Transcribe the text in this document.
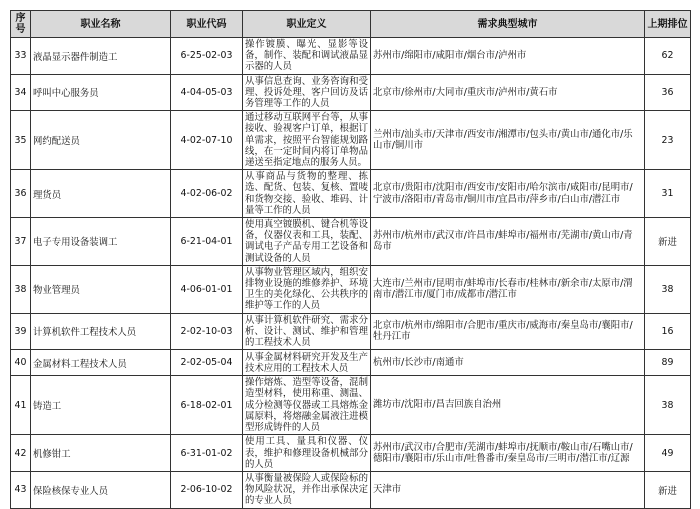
序号	职业名称	职业代码	职业定义	需求典型城市	上期排位
33	液晶显示器件制造工	6-25-02-03	操作镀膜、曝光、显影等设备，制作、装配和调试液晶显示器的人员	苏州市/绵阳市/咸阳市/烟台市/泸州市	62
34	呼叫中心服务员	4-04-05-03	从事信息查询、业务咨询和受理、投诉处理、客户回访及话务管理等工作的人员	北京市/徐州市/大同市/重庆市/泸州市/黄石市	36
35	网约配送员	4-02-07-10	通过移动互联网平台等，从事接收、验视客户订单，根据订单需求，按照平台智能规划路线，在一定时间内将订单物品递送至指定地点的服务人员。	兰州市/汕头市/天津市/西安市/湘潭市/包头市/黄山市/通化市/乐山市/铜川市	23
36	理货员	4-02-06-02	从事商品与货物的整理、拣选、配货、包装、复核、置唛和货物交接、验收、堆码、计量等工作的人员	北京市/贵阳市/沈阳市/西安市/安阳市/哈尔滨市/咸阳市/昆明市/宁波市/洛阳市/青岛市/铜川市/宜昌市/萍乡市/白山市/潜江市	31
37	电子专用设备装调工	6-21-04-01	使用真空镀膜机、键合机等设备，仪器仪表和工具，装配、调试电子产品专用工艺设备和测试设备的人员	苏州市/杭州市/武汉市/许昌市/蚌埠市/福州市/芜湖市/黄山市/青岛市	新进
38	物业管理员	4-06-01-01	从事物业管理区域内，组织安排物业设施的维修养护、环境卫生的美化绿化、公共秩序的维护等工作的人员	大连市/兰州市/昆明市/蚌埠市/长春市/桂林市/新余市/太原市/渭南市/潜江市/厦门市/成都市/潜江市	38
39	计算机软件工程技术人员	2-02-10-03	从事计算机软件研究、需求分析、设计、测试、维护和管理的工程技术人员	北京市/杭州市/绵阳市/合肥市/重庆市/威海市/秦皇岛市/襄阳市/牡丹江市	16
40	金属材料工程技术人员	2-02-05-04	从事金属材料研究开发及生产技术应用的工程技术人员	杭州市/长沙市/南通市	89
41	铸造工	6-18-02-01	操作熔炼、造型等设备，混制造型材料，使用称重、测温、成分检测等仪器或工具熔炼金属原料，将熔融金属液注进模型形成铸件的人员	潍坊市/沈阳市/昌吉回族自治州	38
42	机修钳工	6-31-01-02	使用工具、量具和仪器、仪表，维护和修理设备机械部分的人员	苏州市/武汉市/合肥市/芜湖市/蚌埠市/抚顺市/鞍山市/石嘴山市/德阳市/襄阳市/乐山市/吐鲁番市/秦皇岛市/三明市/潜江市/辽源	49
43	保险核保专业人员	2-06-10-02	从事衡量被保险人或保险标的物风险状况，并作出承保决定的专业人员	天津市	新进
